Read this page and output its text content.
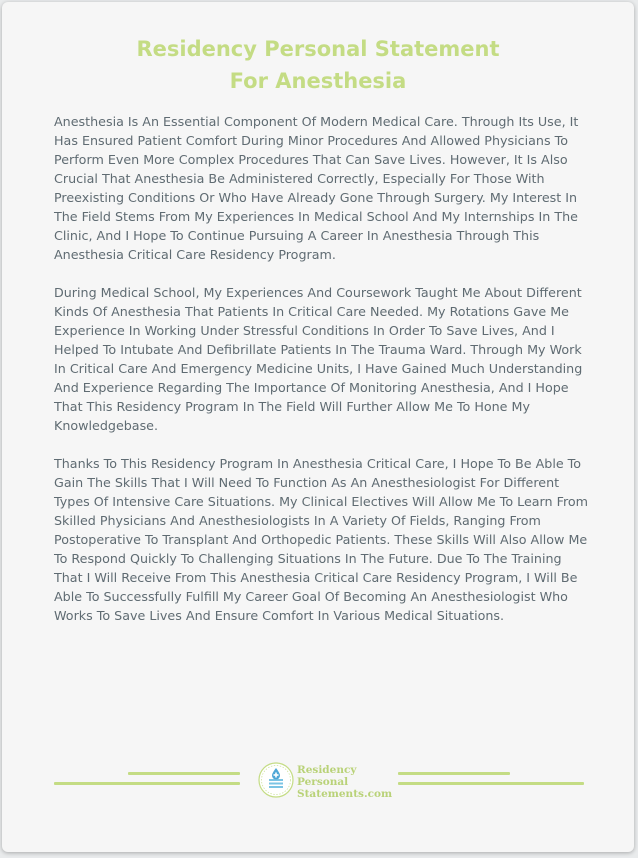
Residency Personal Statement
For Anesthesia

Anesthesia Is An Essential Component Of Modern Medical Care. Through Its Use, It Has Ensured Patient Comfort During Minor Procedures And Allowed Physicians To Perform Even More Complex Procedures That Can Save Lives. However, It Is Also Crucial That Anesthesia Be Administered Correctly, Especially For Those With Preexisting Conditions Or Who Have Already Gone Through Surgery. My Interest In The Field Stems From My Experiences In Medical School And My Internships In The Clinic, And I Hope To Continue Pursuing A Career In Anesthesia Through This Anesthesia Critical Care Residency Program.

During Medical School, My Experiences And Coursework Taught Me About Different Kinds Of Anesthesia That Patients In Critical Care Needed. My Rotations Gave Me Experience In Working Under Stressful Conditions In Order To Save Lives, And I Helped To Intubate And Defibrillate Patients In The Trauma Ward. Through My Work In Critical Care And Emergency Medicine Units, I Have Gained Much Understanding And Experience Regarding The Importance Of Monitoring Anesthesia, And I Hope That This Residency Program In The Field Will Further Allow Me To Hone My Knowledgebase.

Thanks To This Residency Program In Anesthesia Critical Care, I Hope To Be Able To Gain The Skills That I Will Need To Function As An Anesthesiologist For Different Types Of Intensive Care Situations. My Clinical Electives Will Allow Me To Learn From Skilled Physicians And Anesthesiologists In A Variety Of Fields, Ranging From Postoperative To Transplant And Orthopedic Patients. These Skills Will Also Allow Me To Respond Quickly To Challenging Situations In The Future. Due To The Training That I Will Receive From This Anesthesia Critical Care Residency Program, I Will Be Able To Successfully Fulfill My Career Goal Of Becoming An Anesthesiologist Who Works To Save Lives And Ensure Comfort In Various Medical Situations.

Residency
Personal
Statements.com
